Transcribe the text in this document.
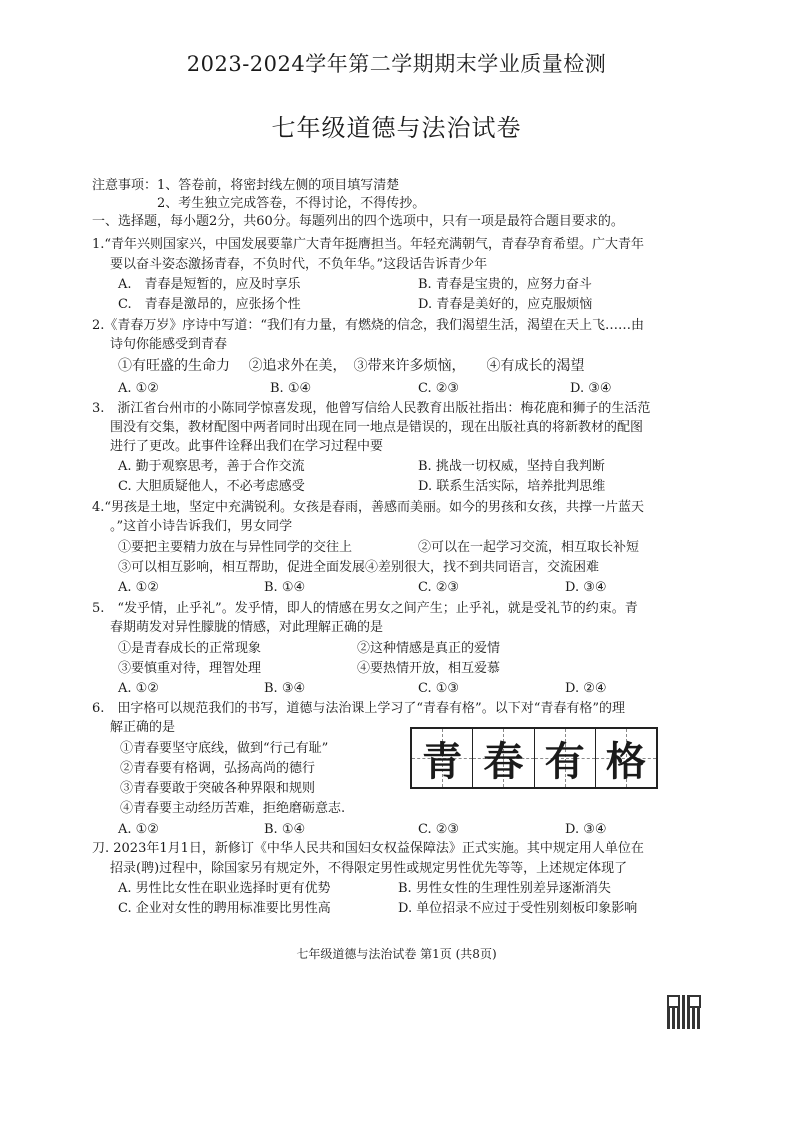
2023-2024学年第二学期期末学业质量检测
七年级道德与法治试卷
注意事项：1、答卷前，将密封线左侧的项目填写清楚
2、考生独立完成答卷，不得讨论，不得传抄。
一、选择题，每小题2分，共60分。每题列出的四个选项中，只有一项是最符合题目要求的。
1.“青年兴则国家兴，中国发展要靠广大青年挺膺担当。年轻充满朝气，青春孕育希望。广大青年
要以奋斗姿态激扬青春，不负时代，不负年华。”这段话告诉青少年
A.　青春是短暂的，应及时享乐	B. 青春是宝贵的，应努力奋斗
C.　青春是激昂的，应张扬个性	D. 青春是美好的，应克服烦恼
2.《青春万岁》序诗中写道：“我们有力量，有燃烧的信念，我们渴望生活，渴望在天上飞……由
诗句你能感受到青春
①有旺盛的生命力　 ②追求外在美，　③带来许多烦恼，　　④有成长的渴望
A. ①②	B. ①④	C. ②③	D. ③④
3.　浙江省台州市的小陈同学惊喜发现，他曾写信给人民教育出版社指出：梅花鹿和狮子的生活范
围没有交集，教材配图中两者同时出现在同一地点是错误的，现在出版社真的将新教材的配图
进行了更改。此事件诠释出我们在学习过程中要
A. 勤于观察思考，善于合作交流	B. 挑战一切权威，坚持自我判断
C. 大胆质疑他人，不必考虑感受	D. 联系生活实际，培养批判思维
4.“男孩是土地，坚定中充满锐利。女孩是春雨，善感而美丽。如今的男孩和女孩，共撑一片蓝天
。”这首小诗告诉我们，男女同学
①要把主要精力放在与异性同学的交往上	②可以在一起学习交流，相互取长补短
③可以相互影响，相互帮助，促进全面发展④差别很大，找不到共同语言，交流困难
A. ①②	B. ①④	C. ②③	D. ③④
5.　“发乎情，止乎礼”。发乎情，即人的情感在男女之间产生；止乎礼，就是受礼节的约束。青
春期萌发对异性朦胧的情感，对此理解正确的是
①是青春成长的正常现象	②这种情感是真正的爱情
③要慎重对待，理智处理	④要热情开放，相互爱慕
A. ①②	B. ③④	C. ①③	D. ②④
6.　田字格可以规范我们的书写，道德与法治课上学习了“青春有格”。以下对“青春有格”的理
解正确的是
①青春要坚守底线，做到“行己有耻”
②青春要有格调，弘扬高尚的德行
③青春要敢于突破各种界限和规则
④青春要主动经历苦难，拒绝磨砺意志.
青 春 有 格
A. ①②	B. ①④	C. ②③	D. ③④
刀. 2023年1月1日，新修订《中华人民共和国妇女权益保障法》正式实施。其中规定用人单位在
招录(聘)过程中，除国家另有规定外，不得限定男性或规定男性优先等等，上述规定体现了
A. 男性比女性在职业选择时更有优势	B. 男性女性的生理性别差异逐渐消失
C. 企业对女性的聘用标准要比男性高	D. 单位招录不应过于受性别刻板印象影响
七年级道德与法治试卷 第1页 (共8页)
